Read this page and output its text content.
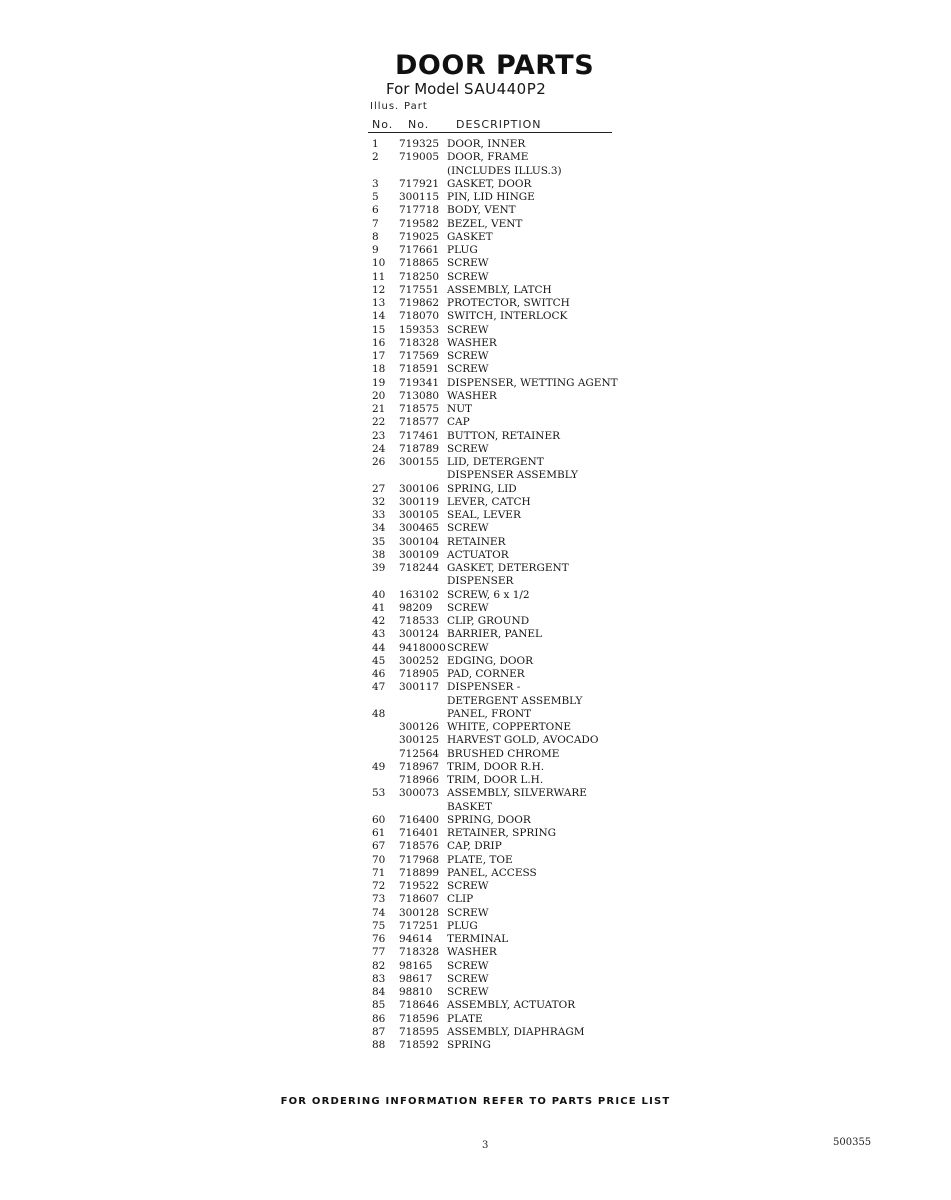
DOOR PARTS
For Model SAU440P2
Illus. Part
No. No. DESCRIPTION
1	719325 DOOR, INNER
2	719005 DOOR, FRAME
(INCLUDES ILLUS.3)
3	717921 GASKET, DOOR
5	300115 PIN, LID HINGE
6	717718 BODY, VENT
7	719582 BEZEL, VENT
8	719025 GASKET
9	717661 PLUG
10	718865 SCREW
11	718250 SCREW
12	717551 ASSEMBLY, LATCH
13	719862 PROTECTOR, SWITCH
14	718070 SWITCH, INTERLOCK
15	159353 SCREW
16	718328 WASHER
17	717569 SCREW
18	718591 SCREW
19	719341 DISPENSER, WETTING AGENT
20	713080 WASHER
21	718575 NUT
22	718577 CAP
23	717461 BUTTON, RETAINER
24	718789 SCREW
26	300155 LID, DETERGENT
DISPENSER ASSEMBLY
27	300106 SPRING, LID
32	300119 LEVER, CATCH
33	300105 SEAL, LEVER
34	300465 SCREW
35	300104 RETAINER
38	300109 ACTUATOR
39	718244 GASKET, DETERGENT
DISPENSER
40	163102 SCREW, 6 x 1/2
41	98209	SCREW
42	718533 CLIP, GROUND
43	300124 BARRIER, PANEL
44	9418000 SCREW
45	300252 EDGING, DOOR
46	718905 PAD, CORNER
47	300117 DISPENSER -
DETERGENT ASSEMBLY
48	PANEL, FRONT
300126 WHITE, COPPERTONE
300125 HARVEST GOLD, AVOCADO
712564 BRUSHED CHROME
49	718967 TRIM, DOOR R.H.
718966 TRIM, DOOR L.H.
53	300073 ASSEMBLY, SILVERWARE
BASKET
60	716400 SPRING, DOOR
61	716401 RETAINER, SPRING
67	718576 CAP, DRIP
70	717968 PLATE, TOE
71	718899 PANEL, ACCESS
72	719522 SCREW
73	718607 CLIP
74	300128 SCREW
75	717251 PLUG
76	94614	TERMINAL
77	718328 WASHER
82	98165	SCREW
83	98617	SCREW
84	98810	SCREW
85	718646 ASSEMBLY, ACTUATOR
86	718596 PLATE
87	718595 ASSEMBLY, DIAPHRAGM
88	718592 SPRING
FOR ORDERING INFORMATION REFER TO PARTS PRICE LIST
3	500355
